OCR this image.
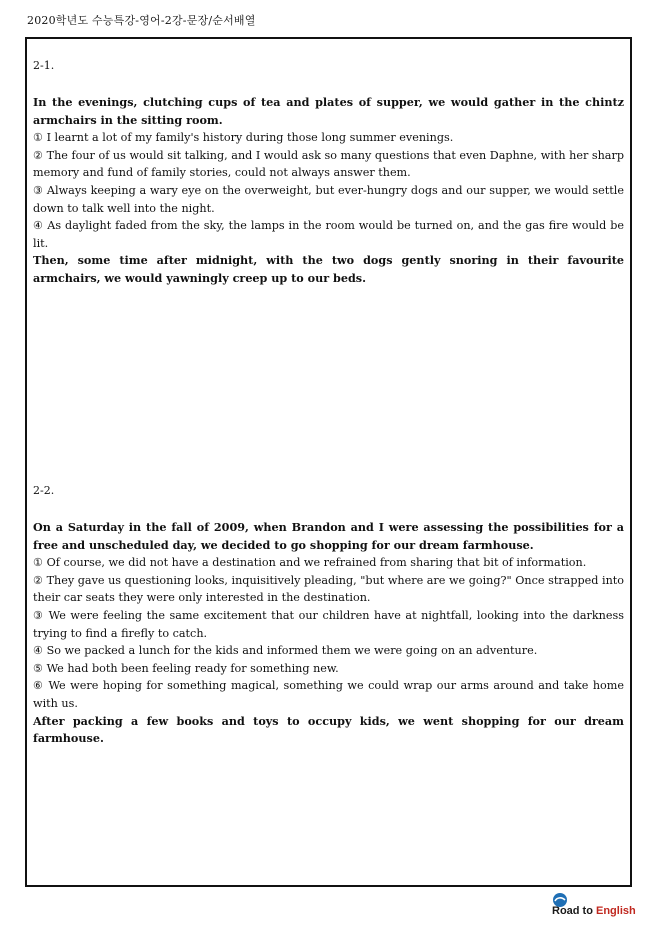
2020학년도 수능특강-영어-2강-문장/순서배열
2-1.
In the evenings, clutching cups of tea and plates of supper, we would gather in the chintz armchairs in the sitting room.
① I learnt a lot of my family's history during those long summer evenings.
② The four of us would sit talking, and I would ask so many questions that even Daphne, with her sharp memory and fund of family stories, could not always answer them.
③ Always keeping a wary eye on the overweight, but ever-hungry dogs and our supper, we would settle down to talk well into the night.
④ As daylight faded from the sky, the lamps in the room would be turned on, and the gas fire would be lit.
Then, some time after midnight, with the two dogs gently snoring in their favourite armchairs, we would yawningly creep up to our beds.
2-2.
On a Saturday in the fall of 2009, when Brandon and I were assessing the possibilities for a free and unscheduled day, we decided to go shopping for our dream farmhouse.
① Of course, we did not have a destination and we refrained from sharing that bit of information.
② They gave us questioning looks, inquisitively pleading, "but where are we going?" Once strapped into their car seats they were only interested in the destination.
③ We were feeling the same excitement that our children have at nightfall, looking into the darkness trying to find a firefly to catch.
④ So we packed a lunch for the kids and informed them we were going on an adventure.
⑤ We had both been feeling ready for something new.
⑥ We were hoping for something magical, something we could wrap our arms around and take home with us.
After packing a few books and toys to occupy kids, we went shopping for our dream farmhouse.
Road to English
